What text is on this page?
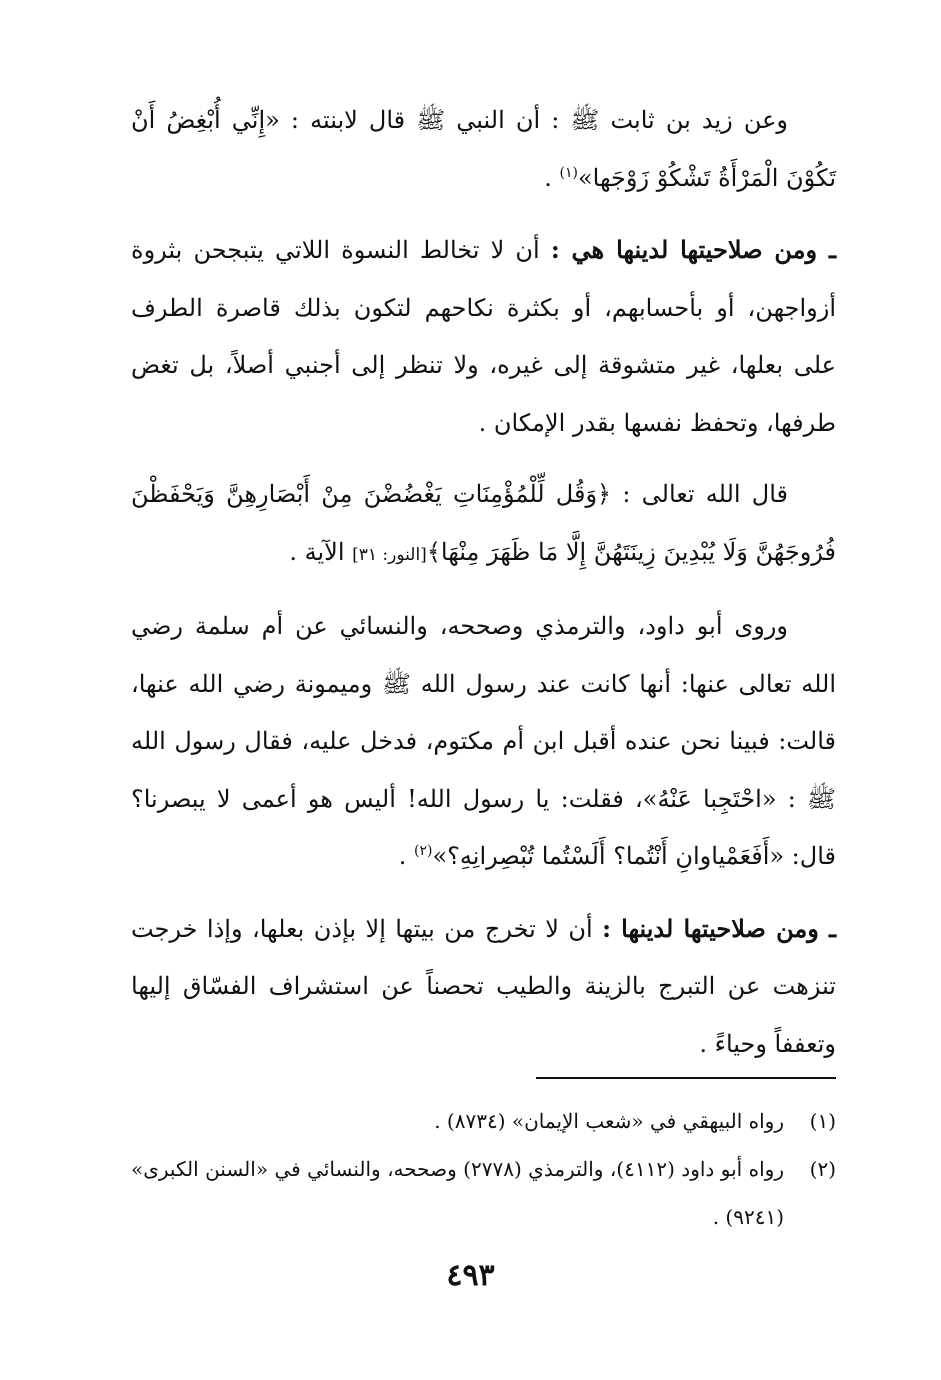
وعن زيد بن ثابت ﷺ : أن النبي ﷺ قال لابنته : «إِنِّي أُبْغِضُ أَنْ تَكُوْنَ الْمَرْأَةُ تَشْكُوْ زَوْجَها»$^{(١)}$ .

ـ ومن صلاحيتها لدينها هي : أن لا تخالط النسوة اللاتي يتبجحن بثروة أزواجهن، أو بأحسابهم، أو بكثرة نكاحهم لتكون بذلك قاصرة الطرف على بعلها، غير متشوقة إلى غيره، ولا تنظر إلى أجنبي أصلاً، بل تغض طرفها، وتحفظ نفسها بقدر الإمكان .

قال الله تعالى : ﴿وَقُل لِّلْمُؤْمِنَاتِ يَغْضُضْنَ مِنْ أَبْصَارِهِنَّ وَيَحْفَظْنَ فُرُوجَهُنَّ وَلَا يُبْدِينَ زِينَتَهُنَّ إِلَّا مَا ظَهَرَ مِنْهَا﴾[النور: ٣١] الآية .

وروى أبو داود، والترمذي وصححه، والنسائي عن أم سلمة رضي الله تعالى عنها: أنها كانت عند رسول الله ﷺ وميمونة رضي الله عنها، قالت: فبينا نحن عنده أقبل ابن أم مكتوم، فدخل عليه، فقال رسول الله ﷺ : «احْتَجِبا عَنْهُ»، فقلت: يا رسول الله! أليس هو أعمى لا يبصرنا؟ قال: «أَفَعَمْياوانِ أَنْتُما؟ أَلَسْتُما تُبْصِرانِهِ؟»$^{(٢)}$ .

ـ ومن صلاحيتها لدينها : أن لا تخرج من بيتها إلا بإذن بعلها، وإذا خرجت تنزهت عن التبرج بالزينة والطيب تحصناً عن استشراف الفسّاق إليها وتعففاً وحياءً .

(١)
رواه البيهقي في «شعب الإيمان» (٨٧٣٤) .
(٢)
رواه أبو داود (٤١١٢)، والترمذي (٢٧٧٨) وصححه، والنسائي في «السنن الكبرى» (٩٢٤١) .
٤٩٣
